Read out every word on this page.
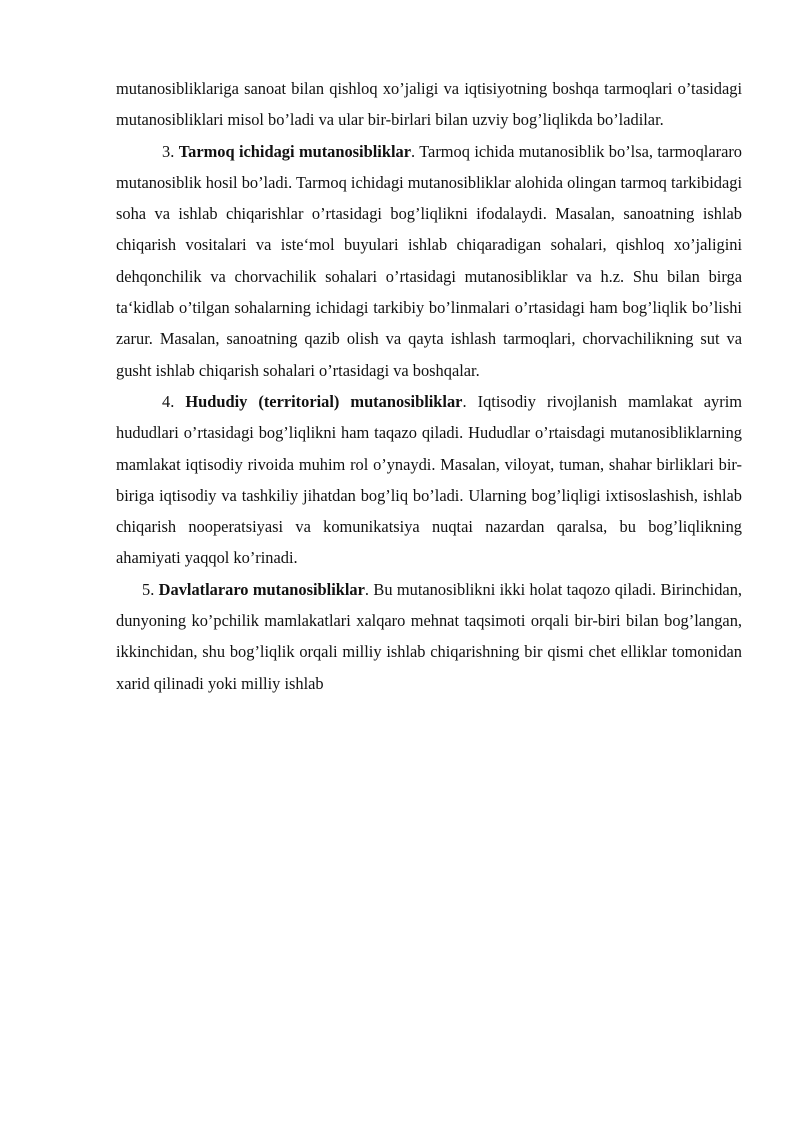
mutanosibliklariga sanoat bilan qishloq xo’jaligi va iqtisiyotning boshqa tarmoqlari o’tasidagi mutanosibliklari misol bo’ladi va ular bir-birlari bilan uzviy bog’liqlikda bo’ladilar.

3. Tarmoq ichidagi mutanosibliklar. Tarmoq ichida mutanosiblik bo’lsa, tarmoqlararo mutanosiblik hosil bo’ladi. Tarmoq ichidagi mutanosibliklar alohida olingan tarmoq tarkibidagi soha va ishlab chiqarishlar o’rtasidagi bog’liqlikni ifodalaydi. Masalan, sanoatning ishlab chiqarish vositalari va iste‘mol buyulari ishlab chiqaradigan sohalari, qishloq xo’jaligini dehqonchilik va chorvachilik sohalari o’rtasidagi mutanosibliklar va h.z. Shu bilan birga ta‘kidlab o’tilgan sohalarning ichidagi tarkibiy bo’linmalari o’rtasidagi ham bog’liqlik bo’lishi zarur. Masalan, sanoatning qazib olish va qayta ishlash tarmoqlari, chorvachilikning sut va gusht ishlab chiqarish sohalari o’rtasidagi va boshqalar.

4. Hududiy (territorial) mutanosibliklar. Iqtisodiy rivojlanish mamlakat ayrim hududlari o’rtasidagi bog’liqlikni ham taqazo qiladi. Hududlar o’rtaisdagi mutanosibliklarning mamlakat iqtisodiy rivoida muhim rol o’ynaydi. Masalan, viloyat, tuman, shahar birliklari bir-biriga iqtisodiy va tashkiliy jihatdan bog’liq bo’ladi. Ularning bog’liqligi ixtisoslashish, ishlab chiqarish nooperatsiyasi va komunikatsiya nuqtai nazardan qaralsa, bu bog’liqlikning ahamiyati yaqqol ko’rinadi.

5. Davlatlararo mutanosibliklar. Bu mutanosiblikni ikki holat taqozo qiladi. Birinchidan, dunyoning ko’pchilik mamlakatlari xalqaro mehnat taqsimoti orqali bir-biri bilan bog’langan, ikkinchidan, shu bog’liqlik orqali milliy ishlab chiqarishning bir qismi chet elliklar tomonidan xarid qilinadi yoki milliy ishlab
